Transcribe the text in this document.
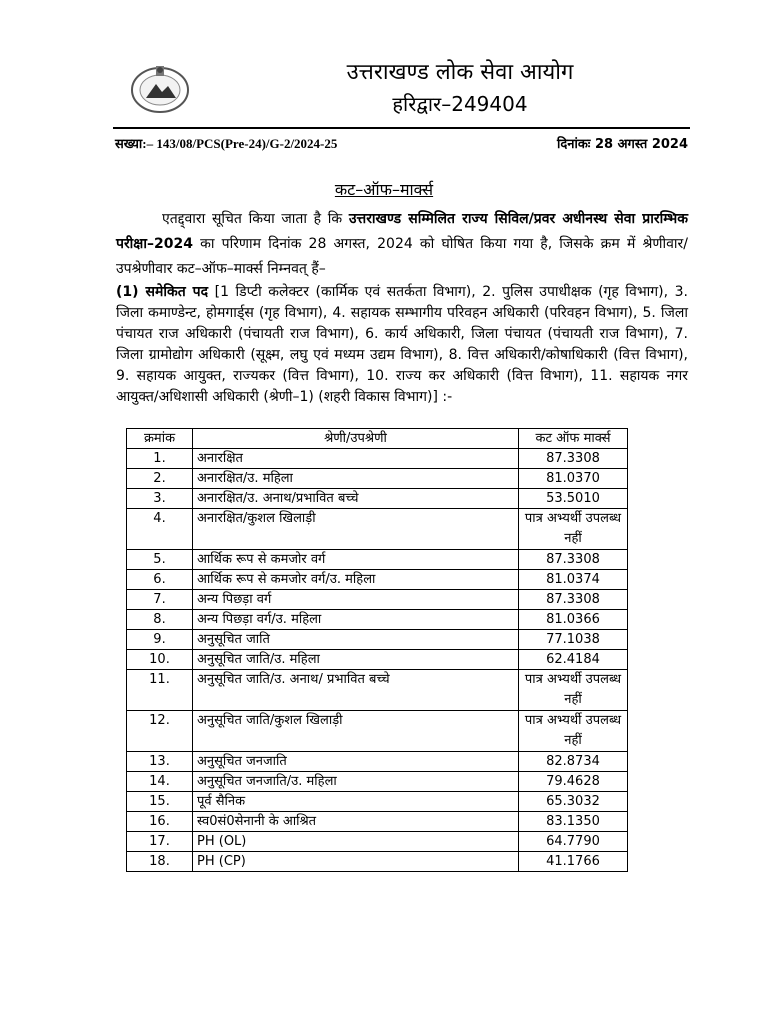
उत्तराखण्ड लोक सेवा आयोग
हरिद्वार–249404
सख्या:– 143/08/PCS(Pre-24)/G-2/2024-25	दिनांकः 28 अगस्त 2024
कट–ऑफ–मार्क्स
एतद्द्वारा सूचित किया जाता है कि उत्तराखण्ड सम्मिलित राज्य सिविल/प्रवर अधीनस्थ सेवा प्रारम्भिक परीक्षा–2024 का परिणाम दिनांक 28 अगस्त, 2024 को घोषित किया गया है, जिसके क्रम में श्रेणीवार/उपश्रेणीवार कट–ऑफ–मार्क्स निम्नवत् हैं–
(1) समेकित पद [1 डिप्टी कलेक्टर (कार्मिक एवं सतर्कता विभाग), 2. पुलिस उपाधीक्षक (गृह विभाग), 3. जिला कमाण्डेन्ट, होमगार्ड्स (गृह विभाग), 4. सहायक सम्भागीय परिवहन अधिकारी (परिवहन विभाग), 5. जिला पंचायत राज अधिकारी (पंचायती राज विभाग), 6. कार्य अधिकारी, जिला पंचायत (पंचायती राज विभाग), 7. जिला ग्रामोद्योग अधिकारी (सूक्ष्म, लघु एवं मध्यम उद्यम विभाग), 8. वित्त अधिकारी/कोषाधिकारी (वित्त विभाग), 9. सहायक आयुक्त, राज्यकर (वित्त विभाग), 10. राज्य कर अधिकारी (वित्त विभाग), 11. सहायक नगर आयुक्त/अधिशासी अधिकारी (श्रेणी–1) (शहरी विकास विभाग)] :-
क्रमांक	श्रेणी/उपश्रेणी	कट ऑफ मार्क्स
1.	अनारक्षित	87.3308
2.	अनारक्षित/उ. महिला	81.0370
3.	अनारक्षित/उ. अनाथ/प्रभावित बच्चे	53.5010
4.	अनारक्षित/कुशल खिलाड़ी	पात्र अभ्यर्थी उपलब्ध नहीं
5.	आर्थिक रूप से कमजोर वर्ग	87.3308
6.	आर्थिक रूप से कमजोर वर्ग/उ. महिला	81.0374
7.	अन्य पिछड़ा वर्ग	87.3308
8.	अन्य पिछड़ा वर्ग/उ. महिला	81.0366
9.	अनुसूचित जाति	77.1038
10.	अनुसूचित जाति/उ. महिला	62.4184
11.	अनुसूचित जाति/उ. अनाथ/ प्रभावित बच्चे	पात्र अभ्यर्थी उपलब्ध नहीं
12.	अनुसूचित जाति/कुशल खिलाड़ी	पात्र अभ्यर्थी उपलब्ध नहीं
13.	अनुसूचित जनजाति	82.8734
14.	अनुसूचित जनजाति/उ. महिला	79.4628
15.	पूर्व सैनिक	65.3032
16.	स्व0सं0सेनानी के आश्रित	83.1350
17.	PH (OL)	64.7790
18.	PH (CP)	41.1766
